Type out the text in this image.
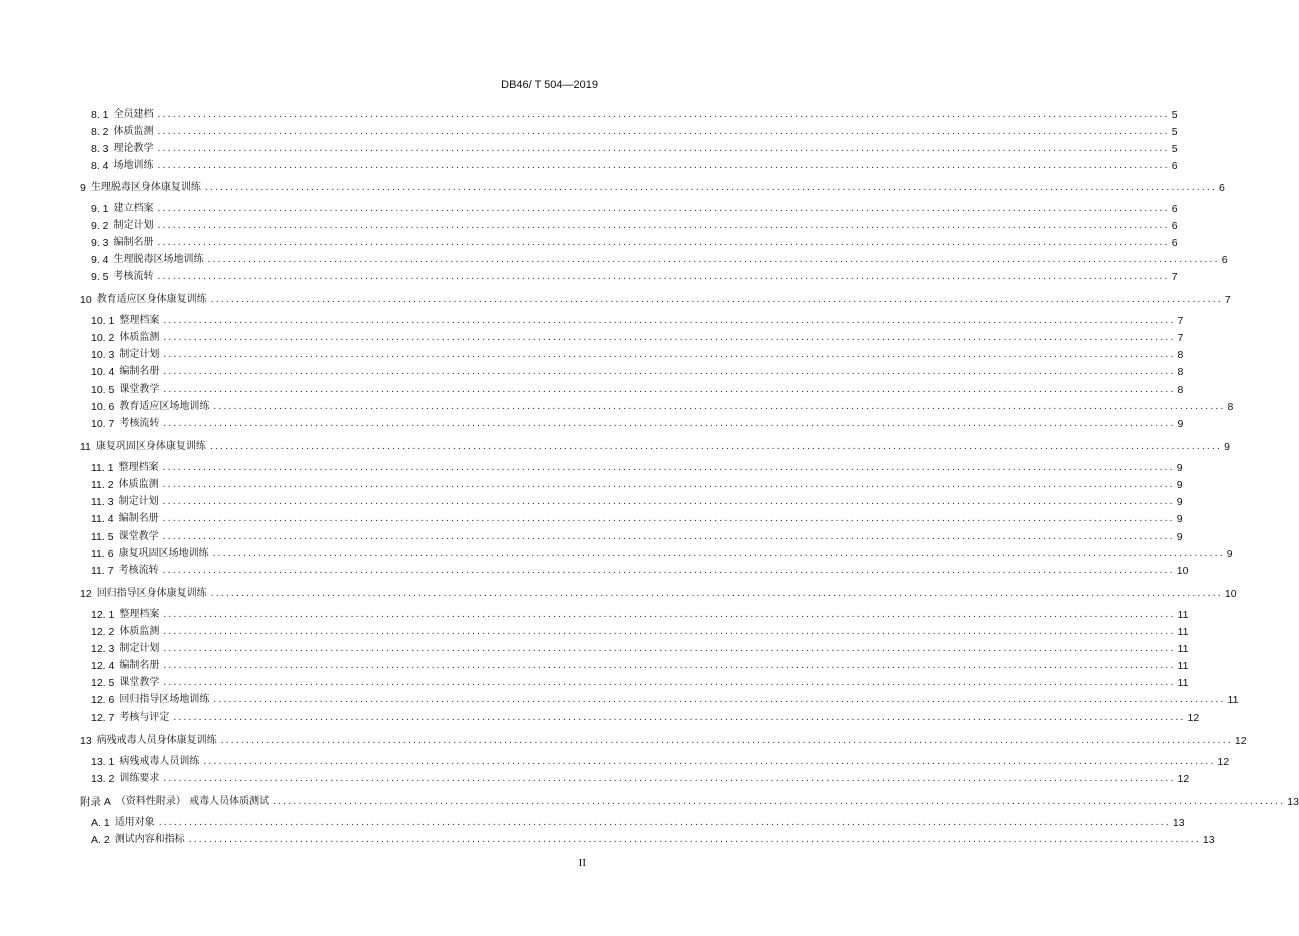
DB46/ T 504—2019
8. 1 全员建档 ........................................................................................................................................................................................................ 5
8. 2 体质监测 ........................................................................................................................................................................................................ 5
8. 3 理论教学 ........................................................................................................................................................................................................ 5
8. 4 场地训练 ........................................................................................................................................................................................................ 6
9 生理脱毒区身体康复训练 ........................................................................................................................................................................................................ 6
9. 1 建立档案 ........................................................................................................................................................................................................ 6
9. 2 制定计划 ........................................................................................................................................................................................................ 6
9. 3 编制名册 ........................................................................................................................................................................................................ 6
9. 4 生理脱毒区场地训练 ........................................................................................................................................................................................................ 6
9. 5 考核流转 ........................................................................................................................................................................................................ 7
10 教育适应区身体康复训练 ........................................................................................................................................................................................................ 7
10. 1 整理档案 ........................................................................................................................................................................................................ 7
10. 2 体质监测 ........................................................................................................................................................................................................ 7
10. 3 制定计划 ........................................................................................................................................................................................................ 8
10. 4 编制名册 ........................................................................................................................................................................................................ 8
10. 5 课堂教学 ........................................................................................................................................................................................................ 8
10. 6 教育适应区场地训练 ........................................................................................................................................................................................................ 8
10. 7 考核流转 ........................................................................................................................................................................................................ 9
11 康复巩固区身体康复训练 ........................................................................................................................................................................................................ 9
11. 1 整理档案 ........................................................................................................................................................................................................ 9
11. 2 体质监测 ........................................................................................................................................................................................................ 9
11. 3 制定计划 ........................................................................................................................................................................................................ 9
11. 4 编制名册 ........................................................................................................................................................................................................ 9
11. 5 课堂教学 ........................................................................................................................................................................................................ 9
11. 6 康复巩固区场地训练 ........................................................................................................................................................................................................ 9
11. 7 考核流转 ........................................................................................................................................................................................................ 10
12 回归指导区身体康复训练 ........................................................................................................................................................................................................ 10
12. 1 整理档案 ........................................................................................................................................................................................................ 11
12. 2 体质监测 ........................................................................................................................................................................................................ 11
12. 3 制定计划 ........................................................................................................................................................................................................ 11
12. 4 编制名册 ........................................................................................................................................................................................................ 11
12. 5 课堂教学 ........................................................................................................................................................................................................ 11
12. 6 回归指导区场地训练 ........................................................................................................................................................................................................ 11
12. 7 考核与评定 ........................................................................................................................................................................................................ 12
13 病残戒毒人员身体康复训练 ........................................................................................................................................................................................................ 12
13. 1 病残戒毒人员训练 ........................................................................................................................................................................................................ 12
13. 2 训练要求 ........................................................................................................................................................................................................ 12
附录 A （资料性附录） 戒毒人员体质测试 ........................................................................................................................................................................................................ 13
A. 1 适用对象 ........................................................................................................................................................................................................ 13
A. 2 测试内容和指标 ........................................................................................................................................................................................................ 13
II
